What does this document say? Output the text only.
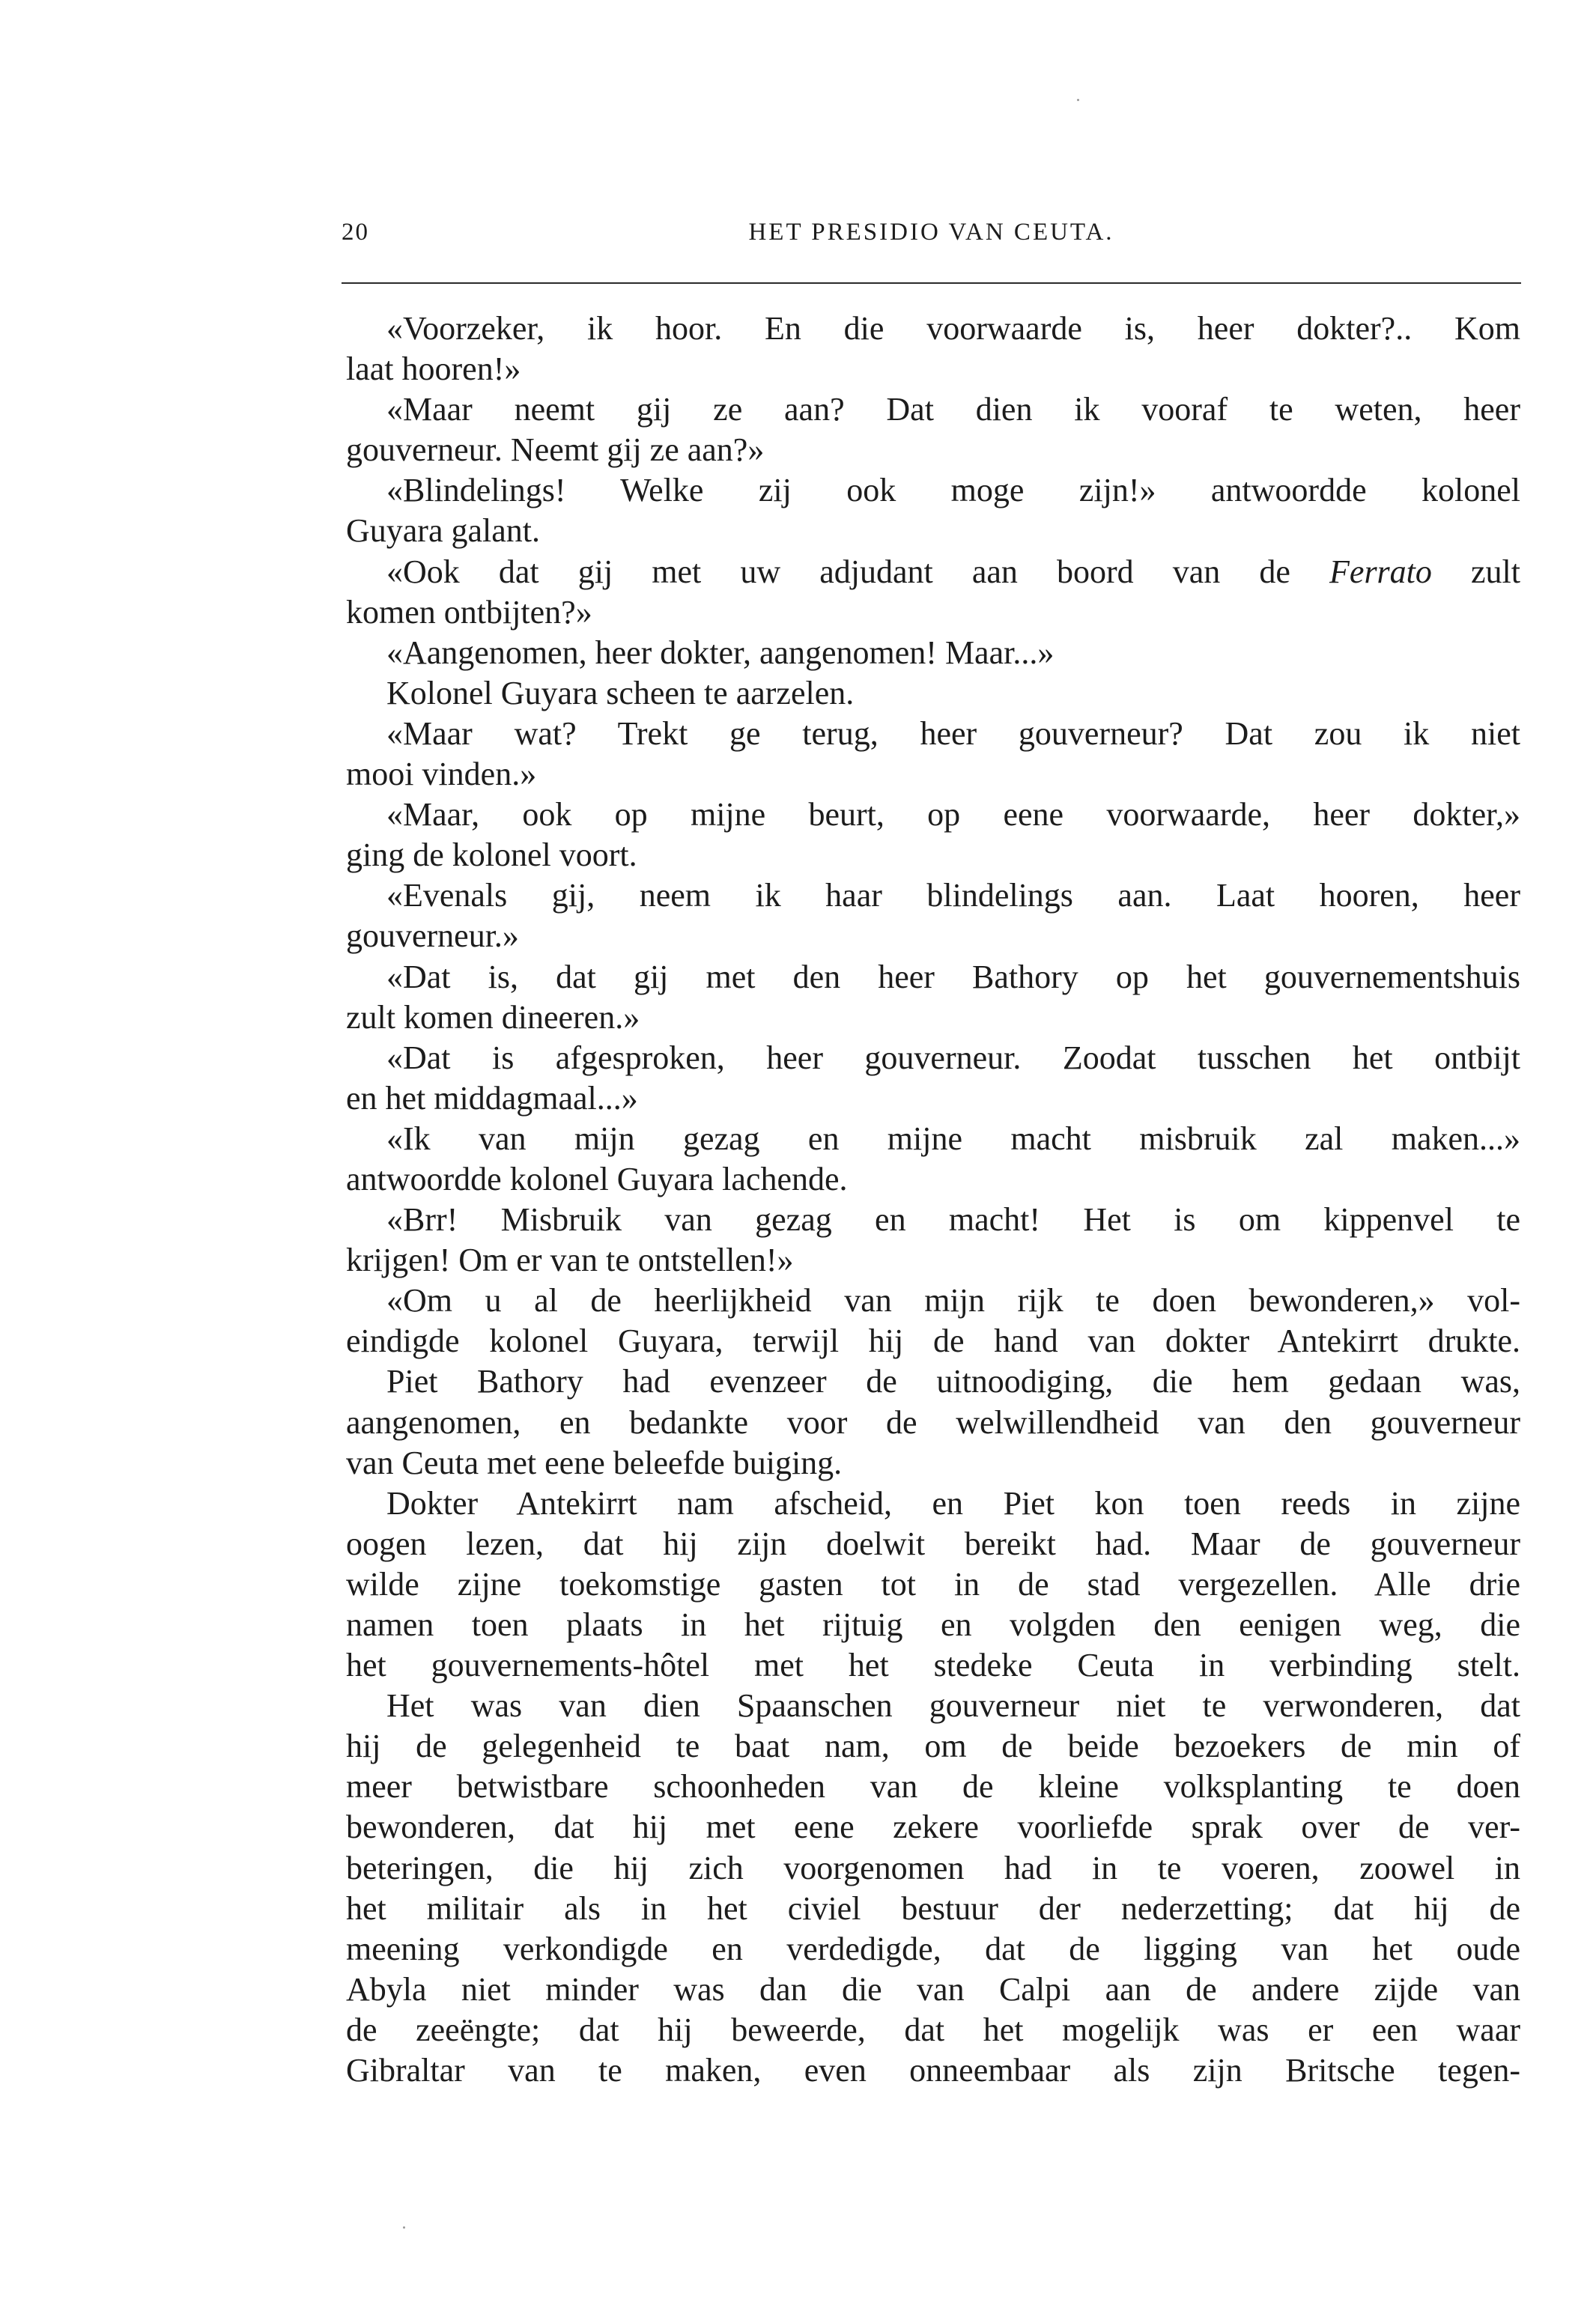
20	HET PRESIDIO VAN CEUTA.
«Voorzeker, ik hoor. En die voorwaarde is, heer dokter?.. Kom
laat hooren!»
«Maar neemt gij ze aan? Dat dien ik vooraf te weten, heer
gouverneur. Neemt gij ze aan?»
«Blindelings! Welke zij ook moge zijn!» antwoordde kolonel
Guyara galant.
«Ook dat gij met uw adjudant aan boord van de Ferrato zult
komen ontbijten?»
«Aangenomen, heer dokter, aangenomen! Maar...»
Kolonel Guyara scheen te aarzelen.
«Maar wat? Trekt ge terug, heer gouverneur? Dat zou ik niet
mooi vinden.»
«Maar, ook op mijne beurt, op eene voorwaarde, heer dokter,»
ging de kolonel voort.
«Evenals gij, neem ik haar blindelings aan. Laat hooren, heer
gouverneur.»
«Dat is, dat gij met den heer Bathory op het gouvernementshuis
zult komen dineeren.»
«Dat is afgesproken, heer gouverneur. Zoodat tusschen het ontbijt
en het middagmaal...»
«Ik van mijn gezag en mijne macht misbruik zal maken...»
antwoordde kolonel Guyara lachende.
«Brr! Misbruik van gezag en macht! Het is om kippenvel te
krijgen! Om er van te ontstellen!»
«Om u al de heerlijkheid van mijn rijk te doen bewonderen,» vol-
eindigde kolonel Guyara, terwijl hij de hand van dokter Antekirrt drukte.
Piet Bathory had evenzeer de uitnoodiging, die hem gedaan was,
aangenomen, en bedankte voor de welwillendheid van den gouverneur
van Ceuta met eene beleefde buiging.
Dokter Antekirrt nam afscheid, en Piet kon toen reeds in zijne
oogen lezen, dat hij zijn doelwit bereikt had. Maar de gouverneur
wilde zijne toekomstige gasten tot in de stad vergezellen. Alle drie
namen toen plaats in het rijtuig en volgden den eenigen weg, die
het gouvernements-hôtel met het stedeke Ceuta in verbinding stelt.
Het was van dien Spaanschen gouverneur niet te verwonderen, dat
hij de gelegenheid te baat nam, om de beide bezoekers de min of
meer betwistbare schoonheden van de kleine volksplanting te doen
bewonderen, dat hij met eene zekere voorliefde sprak over de ver-
beteringen, die hij zich voorgenomen had in te voeren, zoowel in
het militair als in het civiel bestuur der nederzetting; dat hij de
meening verkondigde en verdedigde, dat de ligging van het oude
Abyla niet minder was dan die van Calpi aan de andere zijde van
de zeeëngte; dat hij beweerde, dat het mogelijk was er een waar
Gibraltar van te maken, even onneembaar als zijn Britsche tegen-
